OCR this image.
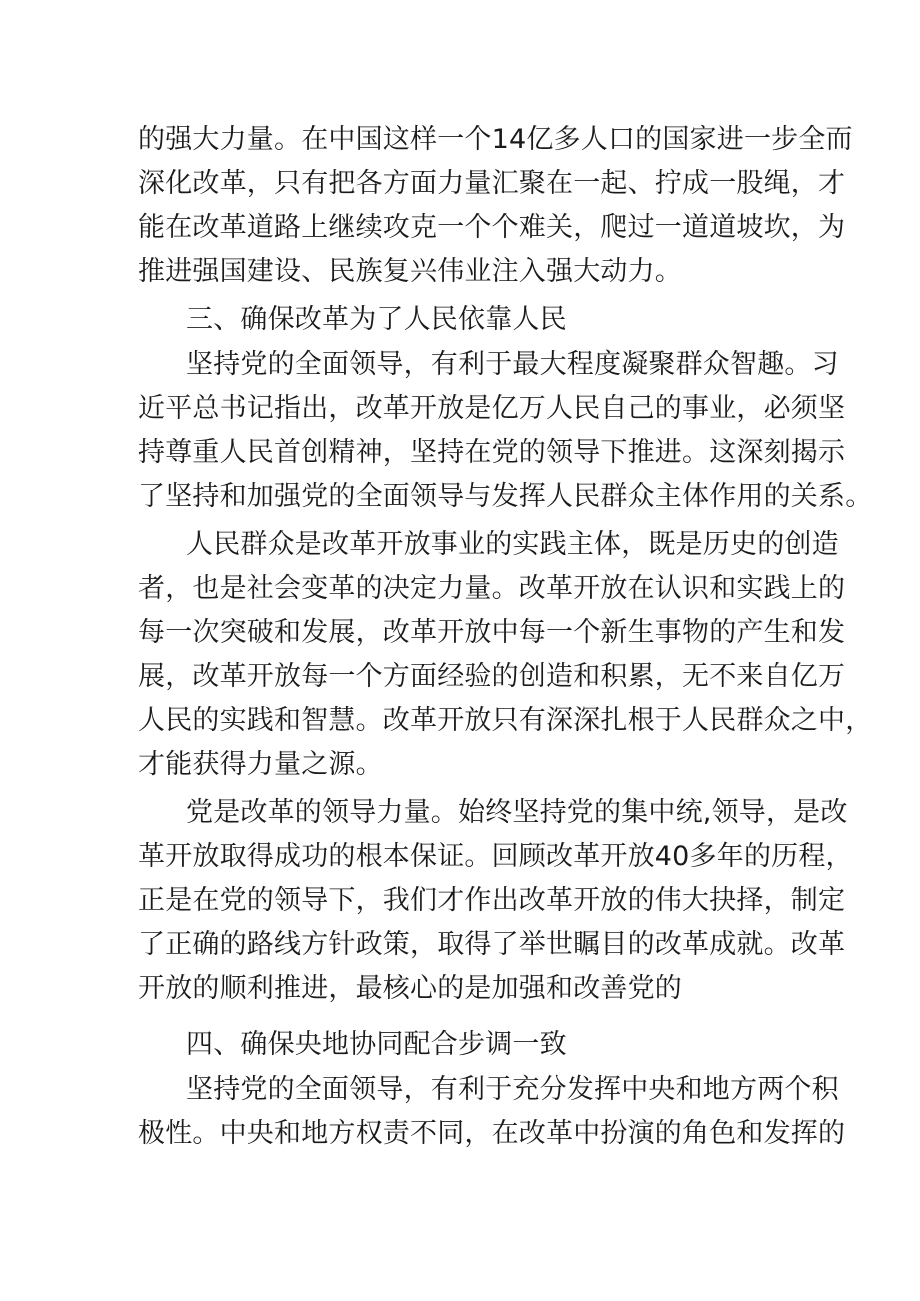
的强大力量。在中国这样一个14亿多人口的国家进一步全而
深化改革，只有把各方面力量汇聚在一起、拧成一股绳，才
能在改革道路上继续攻克一个个难关，爬过一道道坡坎，为
推进强国建设、民族复兴伟业注入强大动力。
三、确保改革为了人民依靠人民
坚持党的全面领导，有利于最大程度凝聚群众智趣。习
近平总书记指出，改革开放是亿万人民自己的事业，必须坚
持尊重人民首创精神，坚持在党的领导下推进。这深刻揭示
了坚持和加强党的全面领导与发挥人民群众主体作用的关系。
人民群众是改革开放事业的实践主体，既是历史的创造
者，也是社会变革的决定力量。改革开放在认识和实践上的
每一次突破和发展，改革开放中每一个新生事物的产生和发
展，改革开放每一个方面经验的创造和积累，无不来自亿万
人民的实践和智慧。改革开放只有深深扎根于人民群众之中，
才能获得力量之源。
党是改革的领导力量。始终坚持党的集中统,领导，是改
革开放取得成功的根本保证。回顾改革开放40多年的历程，
正是在党的领导下，我们才作出改革开放的伟大抉择，制定
了正确的路线方针政策，取得了举世瞩目的改革成就。改革
开放的顺利推进，最核心的是加强和改善党的
四、确保央地协同配合步调一致
坚持党的全面领导，有利于充分发挥中央和地方两个积
极性。中央和地方权责不同，在改革中扮演的角色和发挥的
